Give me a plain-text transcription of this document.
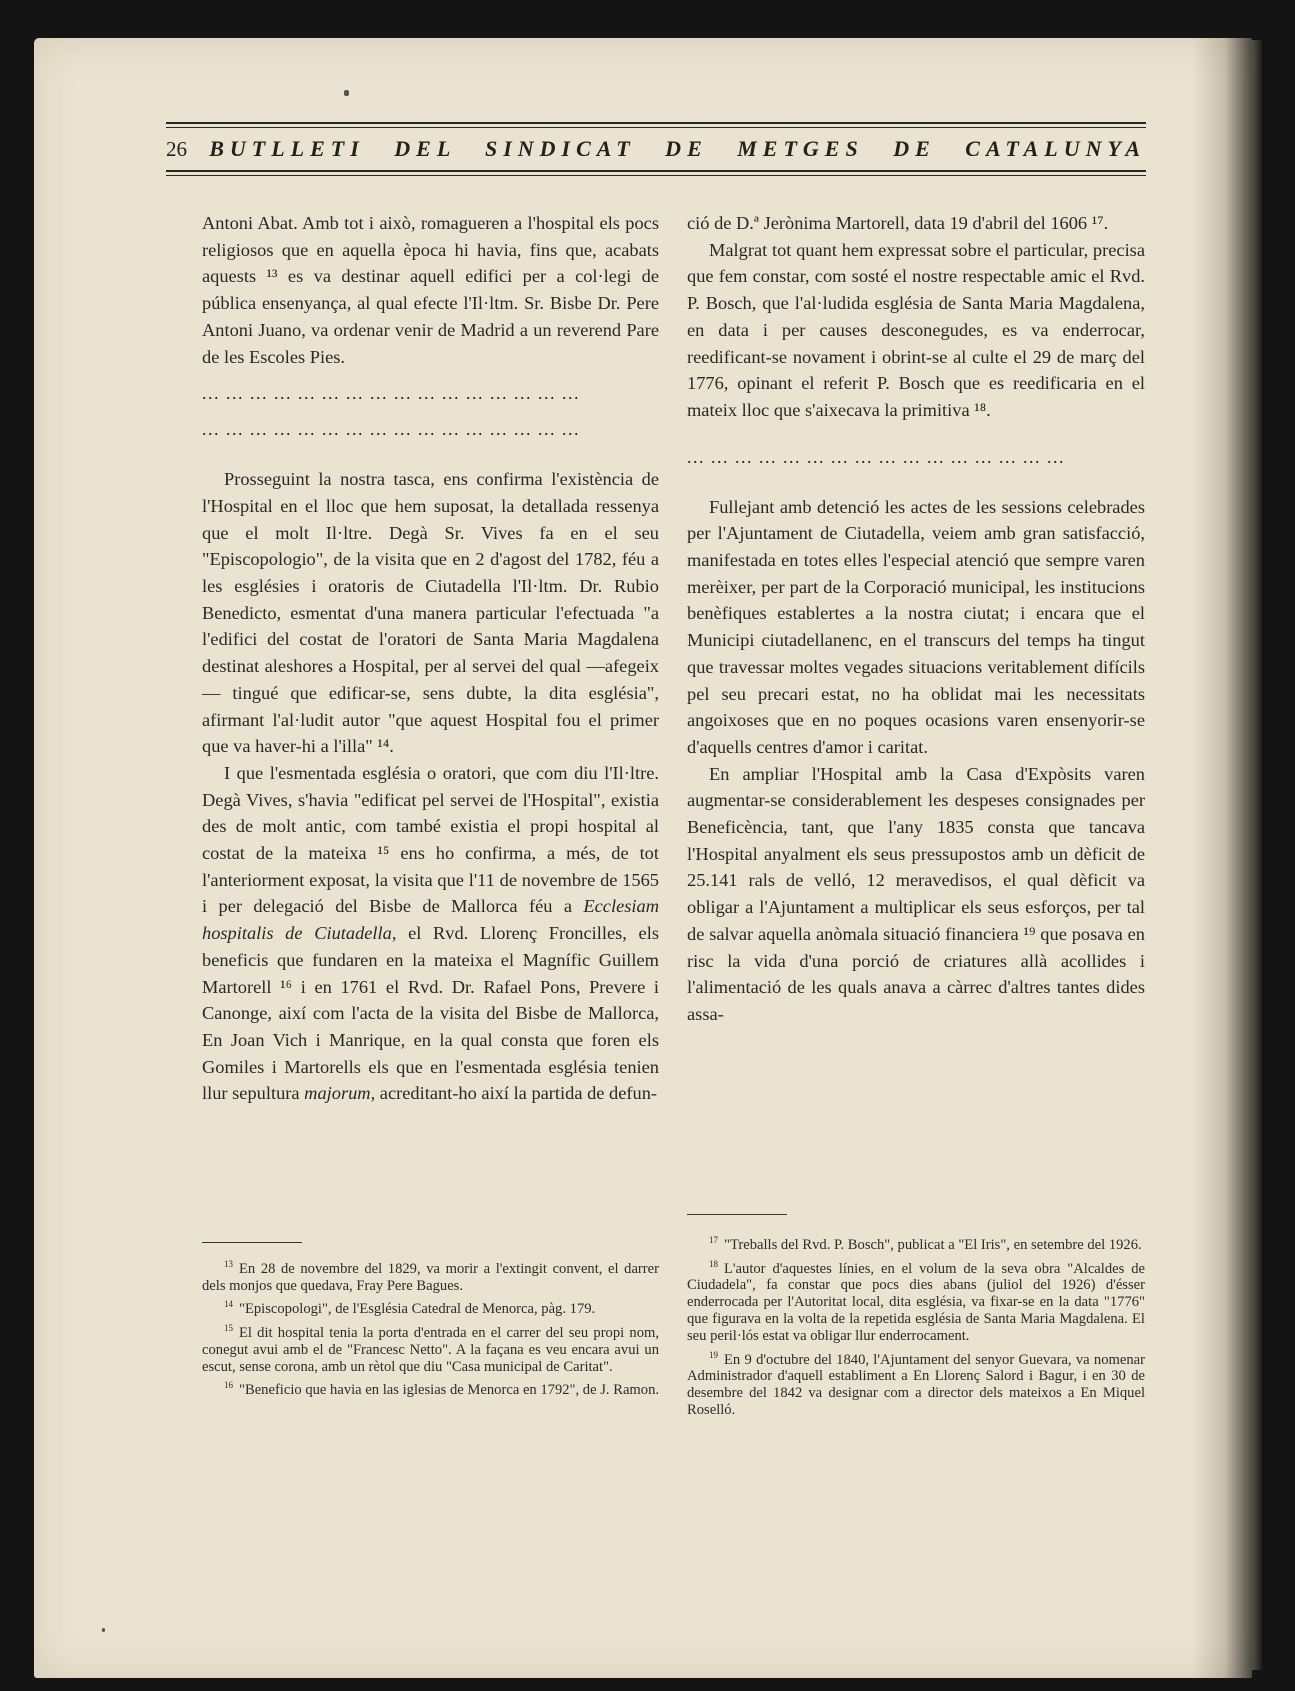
26 BUTLLETI DEL SINDICAT DE METGES DE CATALUNYA

Antoni Abat. Amb tot i això, romagueren a l'hospital els pocs religiosos que en aquella època hi havia, fins que, acabats aquests ¹³ es va destinar aquell edifici per a col·legi de pública ensenyança, al qual efecte l'Il·ltm. Sr. Bisbe Dr. Pere Antoni Juano, va ordenar venir de Madrid a un reverend Pare de les Escoles Pies.

... ... ... ... ... ... ... ... ... ... ... ... ... ... ... ...
... ... ... ... ... ... ... ... ... ... ... ... ... ... ... ...

Prosseguint la nostra tasca, ens confirma l'existència de l'Hospital en el lloc que hem suposat, la detallada ressenya que el molt Il·ltre. Degà Sr. Vives fa en el seu "Episcopologio", de la visita que en 2 d'agost del 1782, féu a les esglésies i oratoris de Ciutadella l'Il·ltm. Dr. Rubio Benedicto, esmentat d'una manera particular l'efectuada "a l'edifici del costat de l'oratori de Santa Maria Magdalena destinat aleshores a Hospital, per al servei del qual —afegeix— tingué que edificar-se, sens dubte, la dita església", afirmant l'al·ludit autor "que aquest Hospital fou el primer que va haver-hi a l'illa" ¹⁴.

I que l'esmentada església o oratori, que com diu l'Il·ltre. Degà Vives, s'havia "edificat pel servei de l'Hospital", existia des de molt antic, com també existia el propi hospital al costat de la mateixa ¹⁵ ens ho confirma, a més, de tot l'anteriorment exposat, la visita que l'11 de novembre de 1565 i per delegació del Bisbe de Mallorca féu a Ecclesiam hospitalis de Ciutadella, el Rvd. Llorenç Froncilles, els beneficis que fundaren en la mateixa el Magnífic Guillem Martorell ¹⁶ i en 1761 el Rvd. Dr. Rafael Pons, Prevere i Canonge, així com l'acta de la visita del Bisbe de Mallorca, En Joan Vich i Manrique, en la qual consta que foren els Gomiles i Martorells els que en l'esmentada església tenien llur sepultura majorum, acreditant-ho així la partida de defun-

ció de D.ª Jerònima Martorell, data 19 d'abril del 1606 ¹⁷.

Malgrat tot quant hem expressat sobre el particular, precisa que fem constar, com sosté el nostre respectable amic el Rvd. P. Bosch, que l'al·ludida església de Santa Maria Magdalena, en data i per causes desconegudes, es va enderrocar, reedificant-se novament i obrint-se al culte el 29 de març del 1776, opinant el referit P. Bosch que es reedificaria en el mateix lloc que s'aixecava la primitiva ¹⁸.

... ... ... ... ... ... ... ... ... ... ... ... ... ... ... ...

Fullejant amb detenció les actes de les sessions celebrades per l'Ajuntament de Ciutadella, veiem amb gran satisfacció, manifestada en totes elles l'especial atenció que sempre varen merèixer, per part de la Corporació municipal, les institucions benèfiques establertes a la nostra ciutat; i encara que el Municipi ciutadellanenc, en el transcurs del temps ha tingut que travessar moltes vegades situacions veritablement difícils pel seu precari estat, no ha oblidat mai les necessitats angoixoses que en no poques ocasions varen ensenyorir-se d'aquells centres d'amor i caritat.

En ampliar l'Hospital amb la Casa d'Expòsits varen augmentar-se considerablement les despeses consignades per Beneficència, tant, que l'any 1835 consta que tancava l'Hospital anyalment els seus pressupostos amb un dèficit de 25.141 rals de velló, 12 meravedisos, el qual dèficit va obligar a l'Ajuntament a multiplicar els seus esforços, per tal de salvar aquella anòmala situació financiera ¹⁹ que posava en risc la vida d'una porció de criatures allà acollides i l'alimentació de les quals anava a càrrec d'altres tantes dides assa-

$^{13}$ En 28 de novembre del 1829, va morir a l'extingit convent, el darrer dels monjos que quedava, Fray Pere Bagues.

$^{14}$ "Episcopologi", de l'Església Catedral de Menorca, pàg. 179.

$^{15}$ El dit hospital tenia la porta d'entrada en el carrer del seu propi nom, conegut avui amb el de "Francesc Netto". A la façana es veu encara avui un escut, sense corona, amb un rètol que diu "Casa municipal de Caritat".

$^{16}$ "Beneficio que havia en las iglesias de Menorca en 1792", de J. Ramon.

$^{17}$ "Treballs del Rvd. P. Bosch", publicat a "El Iris", en setembre del 1926.

$^{18}$ L'autor d'aquestes línies, en el volum de la seva obra "Alcaldes de Ciudadela", fa constar que pocs dies abans (juliol del 1926) d'ésser enderrocada per l'Autoritat local, dita església, va fixar-se en la data "1776" que figurava en la volta de la repetida església de Santa Maria Magdalena. El seu peril·lós estat va obligar llur enderrocament.

$^{19}$ En 9 d'octubre del 1840, l'Ajuntament del senyor Guevara, va nomenar Administrador d'aquell establiment a En Llorenç Salord i Bagur, i en 30 de desembre del 1842 va designar com a director dels mateixos a En Miquel Roselló.
